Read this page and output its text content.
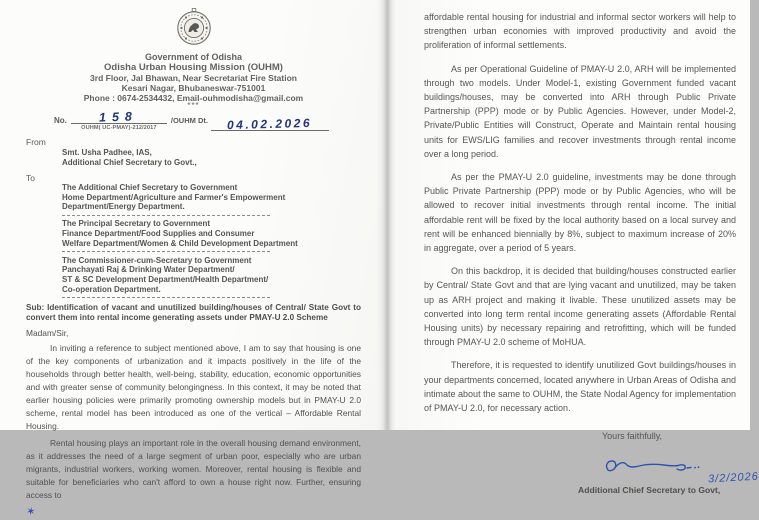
Government of Odisha
Odisha Urban Housing Mission (OUHM)
3rd Floor, Jal Bhawan, Near Secretariat Fire Station
Kesari Nagar, Bhubaneswar-751001
Phone : 0674-2534432, Email-ouhmodisha@gmail.com
***
No.	158
OUHM( UC-PMAY)-212/2017
/OUHM Dt.	04.02.2026
From
Smt. Usha Padhee, IAS,
Additional Chief Secretary to Govt.,
To
The Additional Chief Secretary to Government
Home Department/Agriculture and Farmer's Empowerment
Department/Energy Department.
The Principal Secretary to Government
Finance Department/Food Supplies and Consumer
Welfare Department/Women & Child Development Department
The Commissioner-cum-Secretary to Government
Panchayati Raj & Drinking Water Department/
ST & SC Development Department/Health Department/
Co-operation Department.
Sub: Identification of vacant and unutilized building/houses of Central/ State Govt to convert them into rental income generating assets under PMAY-U 2.0 Scheme
Madam/Sir,

In inviting a reference to subject mentioned above, I am to say that housing is one of the key components of urbanization and it impacts positively in the life of the households through better health, well-being, stability, education, economic opportunities and with greater sense of community belongingness. In this context, it may be noted that earlier housing policies were primarily promoting ownership models but in PMAY-U 2.0 scheme, rental model has been introduced as one of the vertical – Affordable Rental Housing.

Rental housing plays an important role in the overall housing demand environment, as it addresses the need of a large segment of urban poor, especially who are urban migrants, industrial workers, working women. Moreover, rental housing is flexible and suitable for beneficiaries who can't afford to own a house right now. Further, ensuring access to

✶

affordable rental housing for industrial and informal sector workers will help to strengthen urban economies with improved productivity and avoid the proliferation of informal settlements.

As per Operational Guideline of PMAY-U 2.0, ARH will be implemented through two models. Under Model-1, existing Government funded vacant buildings/houses, may be converted into ARH through Public Private Partnership (PPP) mode or by Public Agencies. However, under Model-2, Private/Public Entities will Construct, Operate and Maintain rental housing units for EWS/LIG families and recover investments through rental income over a long period.

As per the PMAY-U 2.0 guideline, investments may be done through Public Private Partnership (PPP) mode or by Public Agencies, who will be allowed to recover initial investments through rental income. The initial affordable rent will be fixed by the local authority based on a local survey and rent will be enhanced biennially by 8%, subject to maximum increase of 20% in aggregate, over a period of 5 years.

On this backdrop, it is decided that building/houses constructed earlier by Central/ State Govt and that are lying vacant and unutilized, may be taken up as ARH project and making it livable. These unutilized assets may be converted into long term rental income generating assets (Affordable Rental Housing units) by necessary repairing and retrofitting, which will be funded through PMAY-U 2.0 scheme of MoHUA.

Therefore, it is requested to identify unutilized Govt buildings/houses in your departments concerned, located anywhere in Urban Areas of Odisha and intimate about the same to OUHM, the State Nodal Agency for implementation of PMAY-U 2.0, for necessary action.

Yours faithfully,
3/2/2026
Additional Chief Secretary to Govt,
